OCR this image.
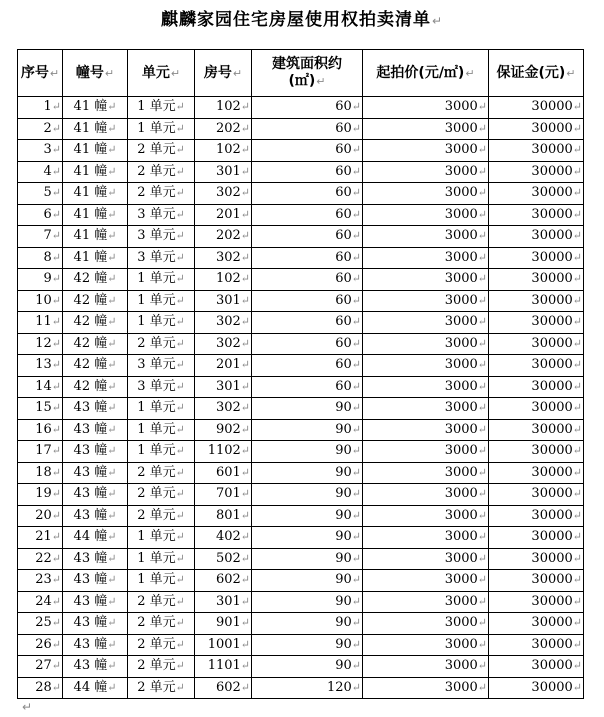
麒麟家园住宅房屋使用权拍卖清单↵
序号↵	幢号↵	单元↵	房号↵	建筑面积约(㎡)↵	起拍价(元/㎡)↵	保证金(元)↵
1↵	41 幢↵	1 单元↵	102↵	60↵	3000↵	30000↵
2↵	41 幢↵	1 单元↵	202↵	60↵	3000↵	30000↵
3↵	41 幢↵	2 单元↵	102↵	60↵	3000↵	30000↵
4↵	41 幢↵	2 单元↵	301↵	60↵	3000↵	30000↵
5↵	41 幢↵	2 单元↵	302↵	60↵	3000↵	30000↵
6↵	41 幢↵	3 单元↵	201↵	60↵	3000↵	30000↵
7↵	41 幢↵	3 单元↵	202↵	60↵	3000↵	30000↵
8↵	41 幢↵	3 单元↵	302↵	60↵	3000↵	30000↵
9↵	42 幢↵	1 单元↵	102↵	60↵	3000↵	30000↵
10↵	42 幢↵	1 单元↵	301↵	60↵	3000↵	30000↵
11↵	42 幢↵	1 单元↵	302↵	60↵	3000↵	30000↵
12↵	42 幢↵	2 单元↵	302↵	60↵	3000↵	30000↵
13↵	42 幢↵	3 单元↵	201↵	60↵	3000↵	30000↵
14↵	42 幢↵	3 单元↵	301↵	60↵	3000↵	30000↵
15↵	43 幢↵	1 单元↵	302↵	90↵	3000↵	30000↵
16↵	43 幢↵	1 单元↵	902↵	90↵	3000↵	30000↵
17↵	43 幢↵	1 单元↵	1102↵	90↵	3000↵	30000↵
18↵	43 幢↵	2 单元↵	601↵	90↵	3000↵	30000↵
19↵	43 幢↵	2 单元↵	701↵	90↵	3000↵	30000↵
20↵	43 幢↵	2 单元↵	801↵	90↵	3000↵	30000↵
21↵	44 幢↵	1 单元↵	402↵	90↵	3000↵	30000↵
22↵	43 幢↵	1 单元↵	502↵	90↵	3000↵	30000↵
23↵	43 幢↵	1 单元↵	602↵	90↵	3000↵	30000↵
24↵	43 幢↵	2 单元↵	301↵	90↵	3000↵	30000↵
25↵	43 幢↵	2 单元↵	901↵	90↵	3000↵	30000↵
26↵	43 幢↵	2 单元↵	1001↵	90↵	3000↵	30000↵
27↵	43 幢↵	2 单元↵	1101↵	90↵	3000↵	30000↵
28↵	44 幢↵	2 单元↵	602↵	120↵	3000↵	30000↵
↵
